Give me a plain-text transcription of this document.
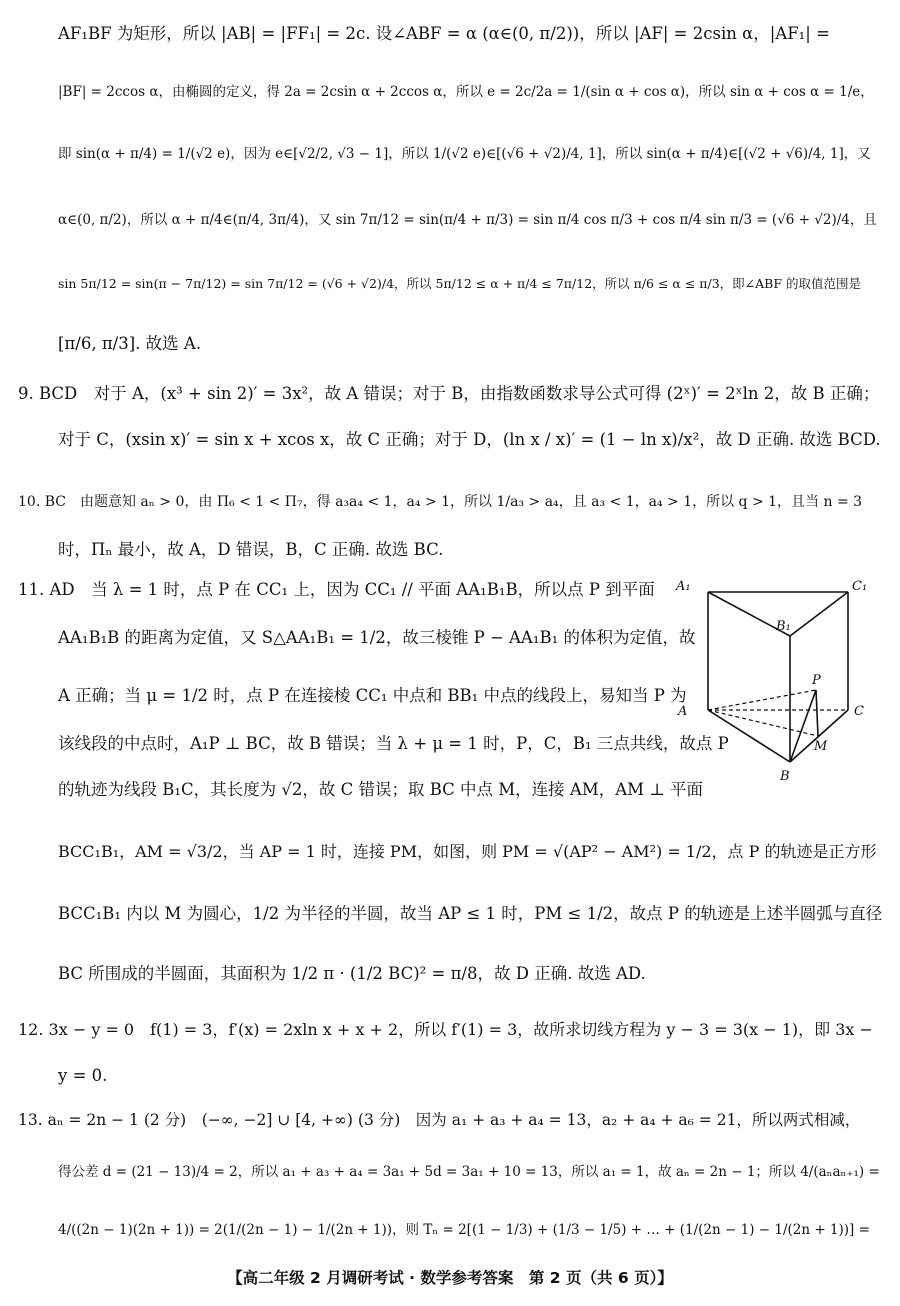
AF₁BF 为矩形，所以 |AB| = |FF₁| = 2c. 设∠ABF = α (α∈(0, π/2))，所以 |AF| = 2csin α，|AF₁| =
|BF| = 2ccos α，由椭圆的定义，得 2a = 2csin α + 2ccos α，所以 e = 2c/2a = 1/(sin α + cos α)，所以 sin α + cos α = 1/e，
即 sin(α + π/4) = 1/(√2 e)，因为 e∈[√2/2, √3 − 1]，所以 1/(√2 e)∈[(√6 + √2)/4, 1]，所以 sin(α + π/4)∈[(√2 + √6)/4, 1]，又
α∈(0, π/2)，所以 α + π/4∈(π/4, 3π/4)，又 sin 7π/12 = sin(π/4 + π/3) = sin π/4 cos π/3 + cos π/4 sin π/3 = (√6 + √2)/4，且
sin 5π/12 = sin(π − 7π/12) = sin 7π/12 = (√6 + √2)/4，所以 5π/12 ≤ α + π/4 ≤ 7π/12，所以 π/6 ≤ α ≤ π/3，即∠ABF 的取值范围是
[π/6, π/3]. 故选 A.
9. BCD　对于 A，(x³ + sin 2)′ = 3x²，故 A 错误；对于 B，由指数函数求导公式可得 (2ˣ)′ = 2ˣln 2，故 B 正确；
对于 C，(xsin x)′ = sin x + xcos x，故 C 正确；对于 D，(ln x / x)′ = (1 − ln x)/x²，故 D 正确. 故选 BCD.
10. BC　由题意知 aₙ > 0，由 Π₆ < 1 < Π₇，得 a₃a₄ < 1，a₄ > 1，所以 1/a₃ > a₄，且 a₃ < 1，a₄ > 1，所以 q > 1，且当 n = 3
时，Πₙ 最小，故 A，D 错误，B，C 正确. 故选 BC.
11. AD　当 λ = 1 时，点 P 在 CC₁ 上，因为 CC₁ // 平面 AA₁B₁B，所以点 P 到平面
AA₁B₁B 的距离为定值，又 S△AA₁B₁ = 1/2，故三棱锥 P − AA₁B₁ 的体积为定值，故
A 正确；当 μ = 1/2 时，点 P 在连接棱 CC₁ 中点和 BB₁ 中点的线段上，易知当 P 为
该线段的中点时，A₁P ⊥ BC，故 B 错误；当 λ + μ = 1 时，P，C，B₁ 三点共线，故点 P
的轨迹为线段 B₁C，其长度为 √2，故 C 错误；取 BC 中点 M，连接 AM，AM ⊥ 平面
BCC₁B₁，AM = √3/2，当 AP = 1 时，连接 PM，如图，则 PM = √(AP² − AM²) = 1/2，点 P 的轨迹是正方形
BCC₁B₁ 内以 M 为圆心，1/2 为半径的半圆，故当 AP ≤ 1 时，PM ≤ 1/2，故点 P 的轨迹是上述半圆弧与直径
BC 所围成的半圆面，其面积为 1/2 π · (1/2 BC)² = π/8，故 D 正确. 故选 AD.
12. 3x − y = 0　f(1) = 3，f′(x) = 2xln x + x + 2，所以 f′(1) = 3，故所求切线方程为 y − 3 = 3(x − 1)，即 3x −
y = 0.
13. aₙ = 2n − 1 (2 分)　(−∞, −2] ∪ [4, +∞) (3 分)　因为 a₁ + a₃ + a₄ = 13，a₂ + a₄ + a₆ = 21，所以两式相减，
得公差 d = (21 − 13)/4 = 2，所以 a₁ + a₃ + a₄ = 3a₁ + 5d = 3a₁ + 10 = 13，所以 a₁ = 1，故 aₙ = 2n − 1；所以 4/(aₙaₙ₊₁) =
4/((2n − 1)(2n + 1)) = 2(1/(2n − 1) − 1/(2n + 1))，则 Tₙ = 2[(1 − 1/3) + (1/3 − 1/5) + … + (1/(2n − 1) − 1/(2n + 1))] =
A₁	C₁
B₁
P
A	C
M
B
【高二年级 2 月调研考试 · 数学参考答案　第 2 页（共 6 页）】
